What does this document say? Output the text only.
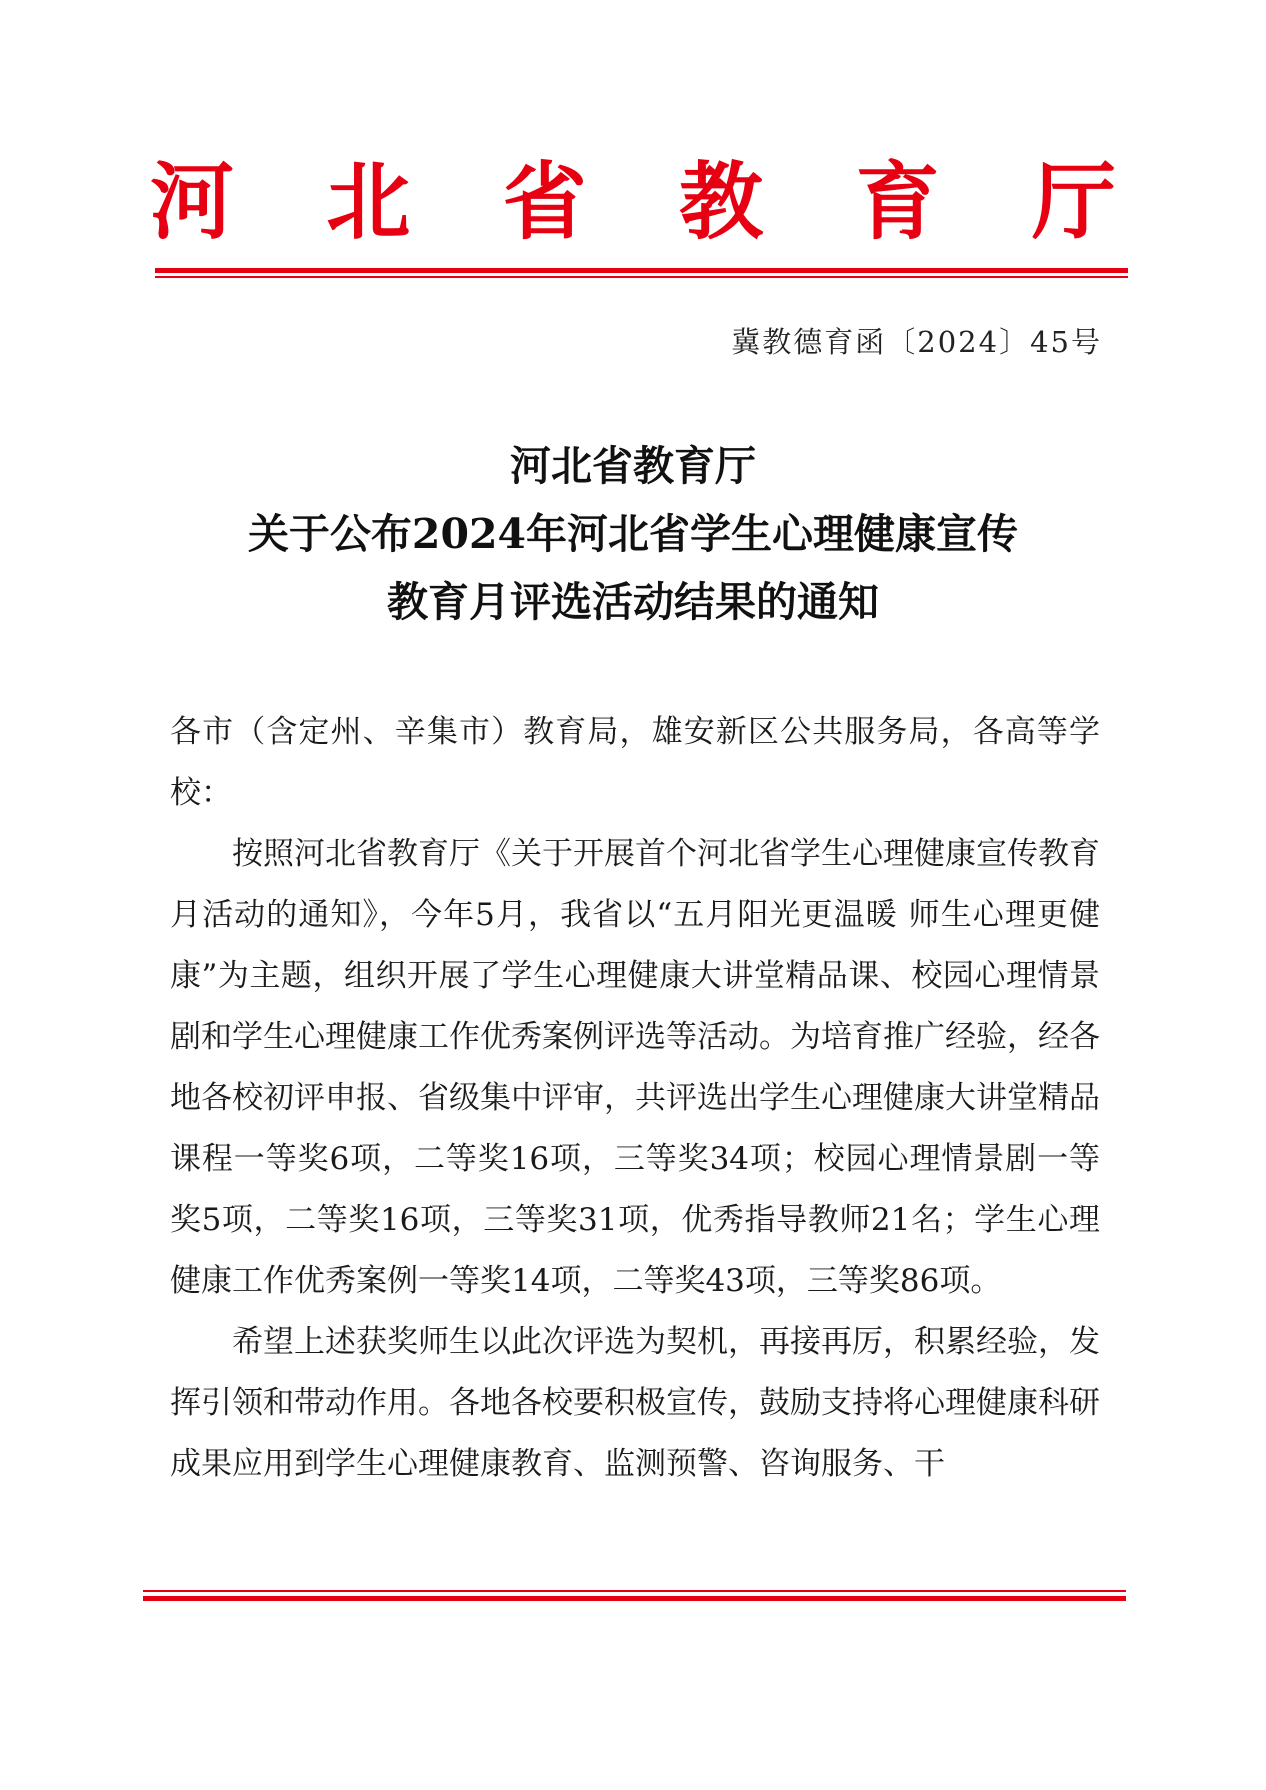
河 北 省 教 育 厅
冀教德育函〔2024〕45号
河北省教育厅
关于公布2024年河北省学生心理健康宣传
教育月评选活动结果的通知

各市（含定州、辛集市）教育局，雄安新区公共服务局，各高等学校：

按照河北省教育厅《关于开展首个河北省学生心理健康宣传教育月活动的通知》，今年5月，我省以“五月阳光更温暖 师生心理更健康”为主题，组织开展了学生心理健康大讲堂精品课、校园心理情景剧和学生心理健康工作优秀案例评选等活动。为培育推广经验，经各地各校初评申报、省级集中评审，共评选出学生心理健康大讲堂精品课程一等奖6项，二等奖16项，三等奖34项；校园心理情景剧一等奖5项，二等奖16项，三等奖31项，优秀指导教师21名；学生心理健康工作优秀案例一等奖14项，二等奖43项，三等奖86项。

希望上述获奖师生以此次评选为契机，再接再厉，积累经验，发挥引领和带动作用。各地各校要积极宣传，鼓励支持将心理健康科研成果应用到学生心理健康教育、监测预警、咨询服务、干
